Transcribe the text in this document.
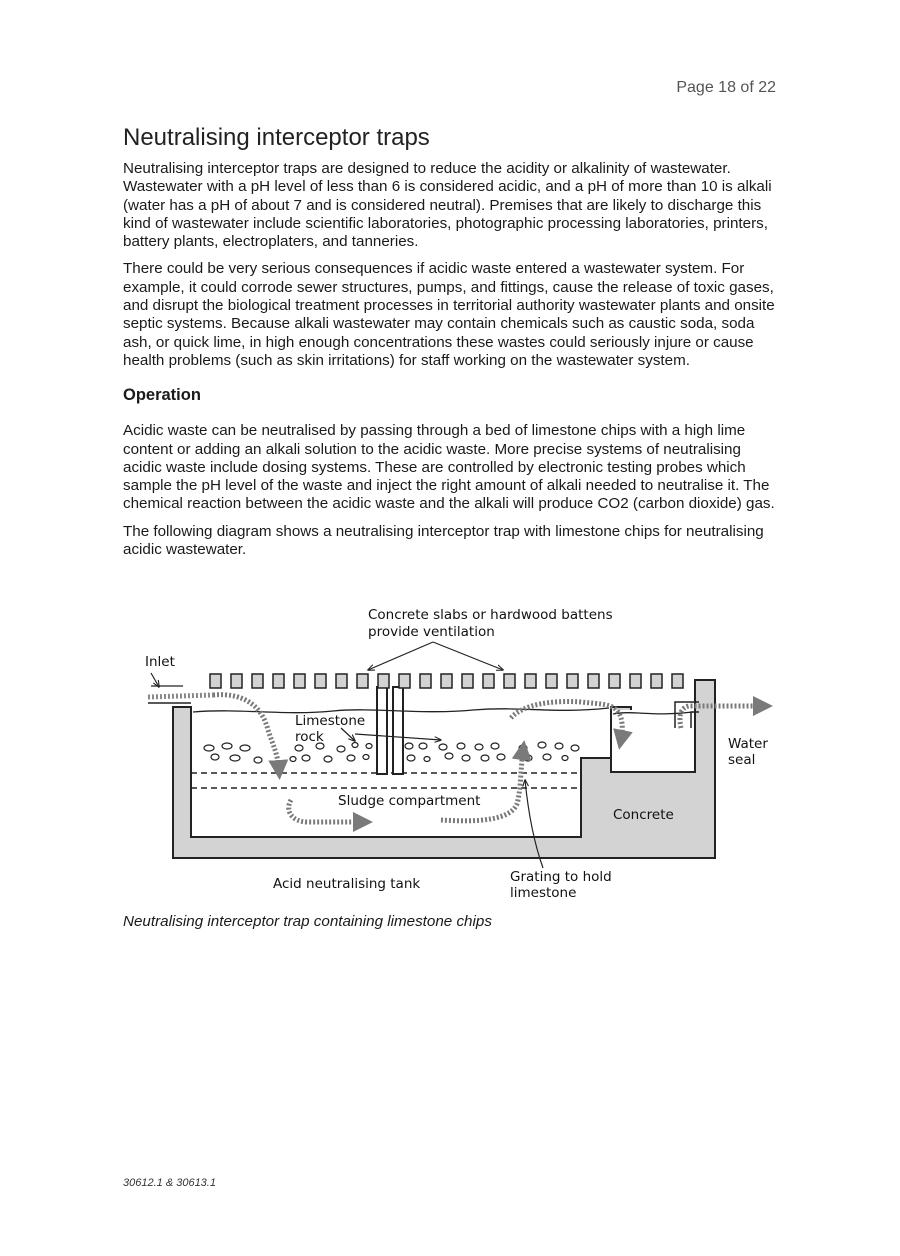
Page 18 of 22
Neutralising interceptor traps

Neutralising interceptor traps are designed to reduce the acidity or alkalinity of wastewater. Wastewater with a pH level of less than 6 is considered acidic, and a pH of more than 10 is alkali (water has a pH of about 7 and is considered neutral). Premises that are likely to discharge this kind of wastewater include scientific laboratories, photographic processing laboratories, printers, battery plants, electroplaters, and tanneries.

There could be very serious consequences if acidic waste entered a wastewater system. For example, it could corrode sewer structures, pumps, and fittings, cause the release of toxic gases, and disrupt the biological treatment processes in territorial authority wastewater plants and onsite septic systems. Because alkali wastewater may contain chemicals such as caustic soda, soda ash, or quick lime, in high enough concentrations these wastes could seriously injure or cause health problems (such as skin irritations) for staff working on the wastewater system.

Operation

Acidic waste can be neutralised by passing through a bed of limestone chips with a high lime content or adding an alkali solution to the acidic waste. More precise systems of neutralising acidic waste include dosing systems. These are controlled by electronic testing probes which sample the pH level of the waste and inject the right amount of alkali needed to neutralise it. The chemical reaction between the acidic waste and the alkali will produce CO2 (carbon dioxide) gas.

The following diagram shows a neutralising interceptor trap with limestone chips for neutralising acidic wastewater.

Concrete slabs or hardwood battens
provide ventilation
Inlet
Limestone
rock	Water
seal
Sludge compartment
Concrete
Acid neutralising tank	Grating to hold
limestone
Neutralising interceptor trap containing limestone chips
30612.1 & 30613.1
